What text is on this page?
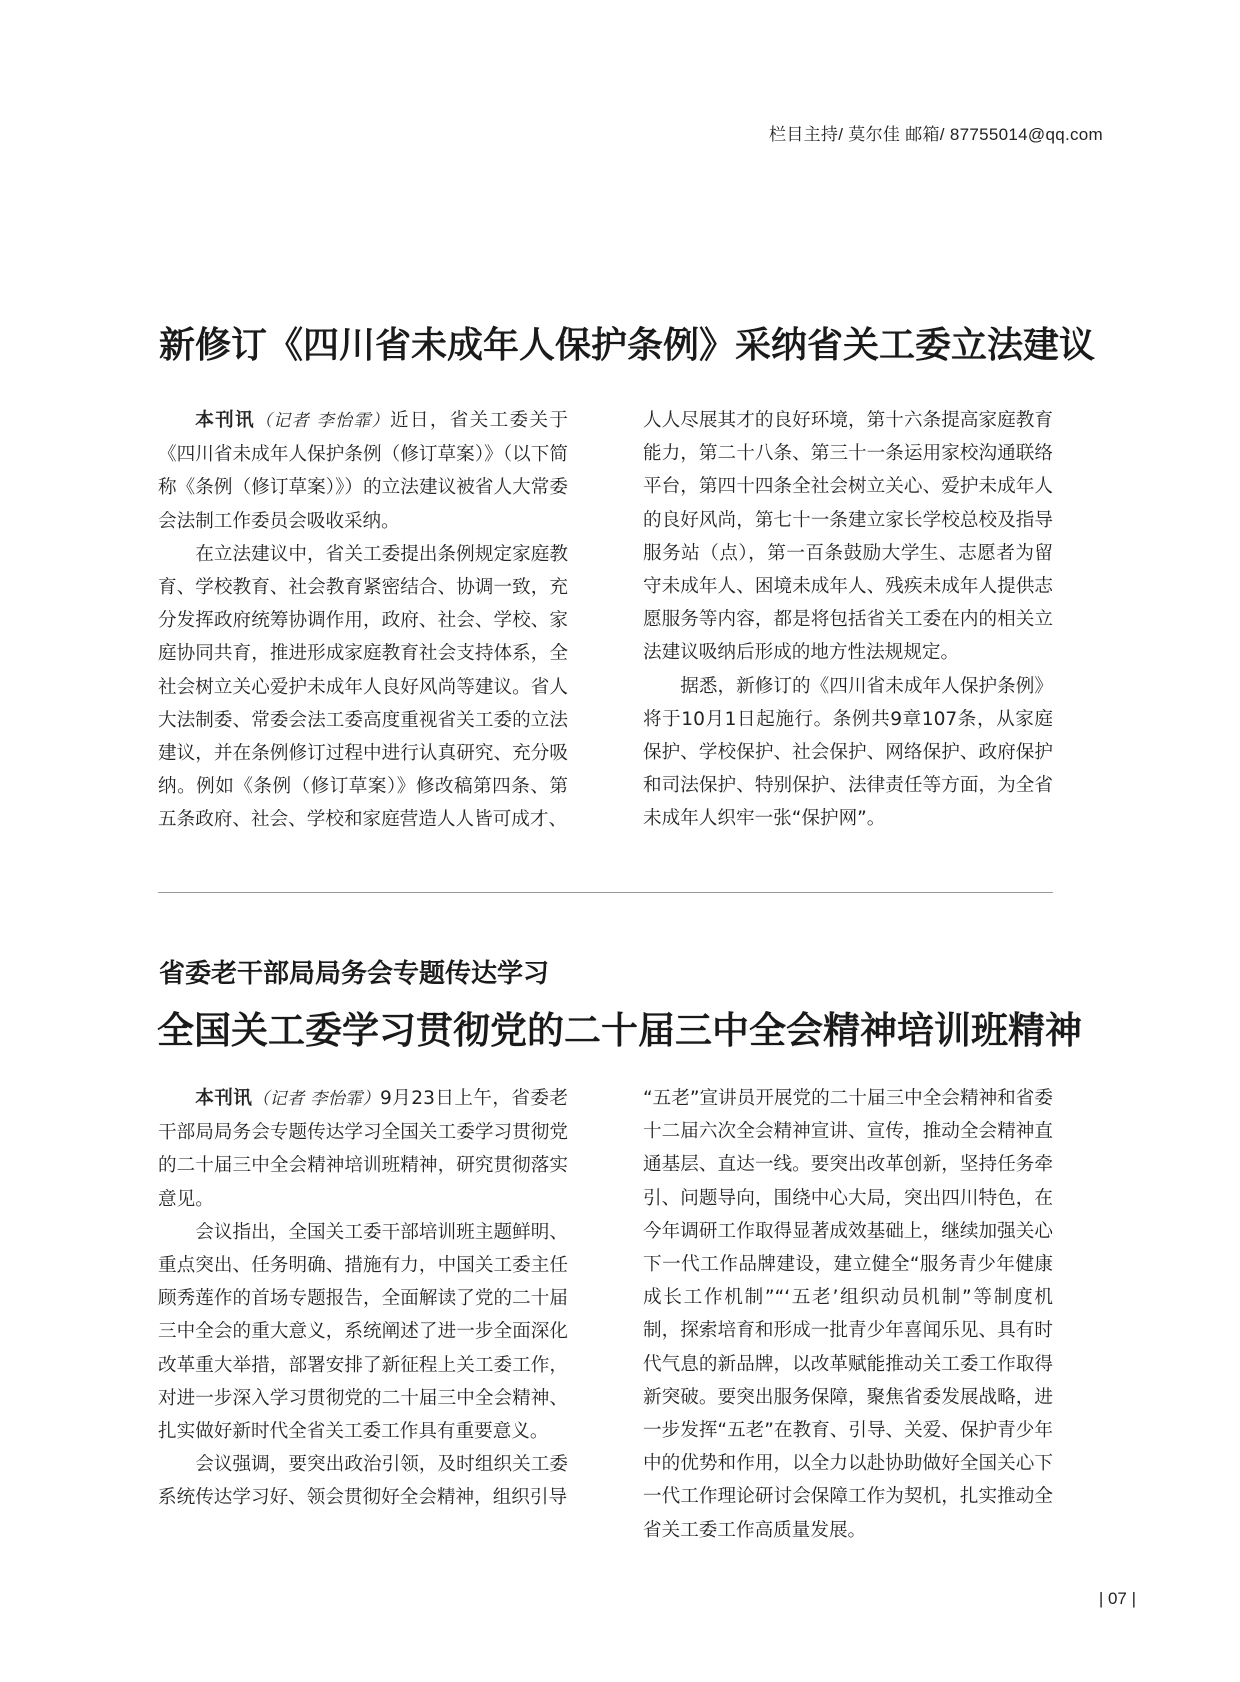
栏目主持/ 莫尔佳 邮箱/ 87755014@qq.com
新修订《四川省未成年人保护条例》采纳省关工委立法建议

本刊讯（记者 李怡霏）近日，省关工委关于《四川省未成年人保护条例（修订草案）》（以下简称《条例（修订草案）》）的立法建议被省人大常委会法制工作委员会吸收采纳。

在立法建议中，省关工委提出条例规定家庭教育、学校教育、社会教育紧密结合、协调一致，充分发挥政府统筹协调作用，政府、社会、学校、家庭协同共育，推进形成家庭教育社会支持体系，全社会树立关心爱护未成年人良好风尚等建议。省人大法制委、常委会法工委高度重视省关工委的立法建议，并在条例修订过程中进行认真研究、充分吸纳。例如《条例（修订草案）》修改稿第四条、第五条政府、社会、学校和家庭营造人人皆可成才、

人人尽展其才的良好环境，第十六条提高家庭教育能力，第二十八条、第三十一条运用家校沟通联络平台，第四十四条全社会树立关心、爱护未成年人的良好风尚，第七十一条建立家长学校总校及指导服务站（点），第一百条鼓励大学生、志愿者为留守未成年人、困境未成年人、残疾未成年人提供志愿服务等内容，都是将包括省关工委在内的相关立法建议吸纳后形成的地方性法规规定。

据悉，新修订的《四川省未成年人保护条例》将于10月1日起施行。条例共9章107条，从家庭保护、学校保护、社会保护、网络保护、政府保护和司法保护、特别保护、法律责任等方面，为全省未成年人织牢一张“保护网”。

省委老干部局局务会专题传达学习
全国关工委学习贯彻党的二十届三中全会精神培训班精神

本刊讯（记者 李怡霏）9月23日上午，省委老干部局局务会专题传达学习全国关工委学习贯彻党的二十届三中全会精神培训班精神，研究贯彻落实意见。

会议指出，全国关工委干部培训班主题鲜明、重点突出、任务明确、措施有力，中国关工委主任顾秀莲作的首场专题报告，全面解读了党的二十届三中全会的重大意义，系统阐述了进一步全面深化改革重大举措，部署安排了新征程上关工委工作，对进一步深入学习贯彻党的二十届三中全会精神、扎实做好新时代全省关工委工作具有重要意义。

会议强调，要突出政治引领，及时组织关工委系统传达学习好、领会贯彻好全会精神，组织引导

“五老”宣讲员开展党的二十届三中全会精神和省委十二届六次全会精神宣讲、宣传，推动全会精神直通基层、直达一线。要突出改革创新，坚持任务牵引、问题导向，围绕中心大局，突出四川特色，在今年调研工作取得显著成效基础上，继续加强关心下一代工作品牌建设，建立健全“服务青少年健康成长工作机制”“‘五老’组织动员机制”等制度机制，探索培育和形成一批青少年喜闻乐见、具有时代气息的新品牌，以改革赋能推动关工委工作取得新突破。要突出服务保障，聚焦省委发展战略，进一步发挥“五老”在教育、引导、关爱、保护青少年中的优势和作用，以全力以赴协助做好全国关心下一代工作理论研讨会保障工作为契机，扎实推动全省关工委工作高质量发展。

| 07 |
